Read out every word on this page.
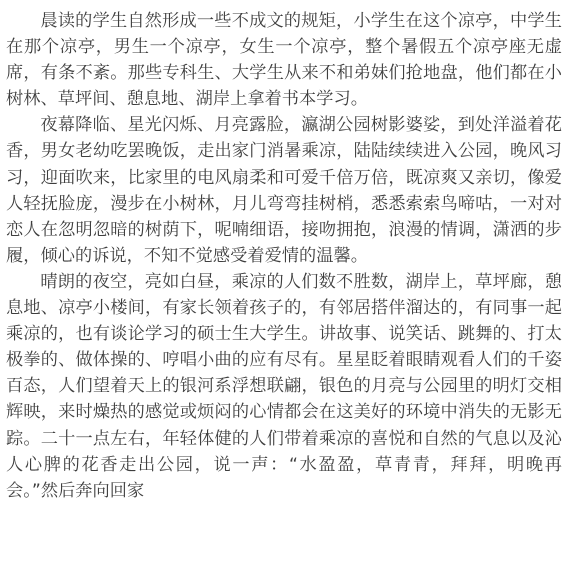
晨读的学生自然形成一些不成文的规矩，小学生在这个凉亭，中学生在那个凉亭，男生一个凉亭，女生一个凉亭，整个暑假五个凉亭座无虚席，有条不紊。那些专科生、大学生从来不和弟妹们抢地盘，他们都在小树林、草坪间、憩息地、湖岸上拿着书本学习。

夜幕降临、星光闪烁、月亮露脸，瀛湖公园树影婆娑，到处洋溢着花香，男女老幼吃罢晚饭，走出家门消暑乘凉，陆陆续续进入公园，晚风习习，迎面吹来，比家里的电风扇柔和可爱千倍万倍，既凉爽又亲切，像爱人轻抚脸庞，漫步在小树林，月儿弯弯挂树梢，悉悉索索鸟啼咕，一对对恋人在忽明忽暗的树荫下，呢喃细语，接吻拥抱，浪漫的情调，潇洒的步履，倾心的诉说，不知不觉感受着爱情的温馨。

晴朗的夜空，亮如白昼，乘凉的人们数不胜数，湖岸上，草坪廊，憩息地、凉亭小楼间，有家长领着孩子的，有邻居搭伴溜达的，有同事一起乘凉的，也有谈论学习的硕士生大学生。讲故事、说笑话、跳舞的、打太极拳的、做体操的、哼唱小曲的应有尽有。星星眨着眼睛观看人们的千姿百态，人们望着天上的银河系浮想联翩，银色的月亮与公园里的明灯交相辉映，来时燥热的感觉或烦闷的心情都会在这美好的环境中消失的无影无踪。二十一点左右，年轻体健的人们带着乘凉的喜悦和自然的气息以及沁人心脾的花香走出公园，说一声：“水盈盈，草青青，拜拜，明晚再会。”然后奔向回家
